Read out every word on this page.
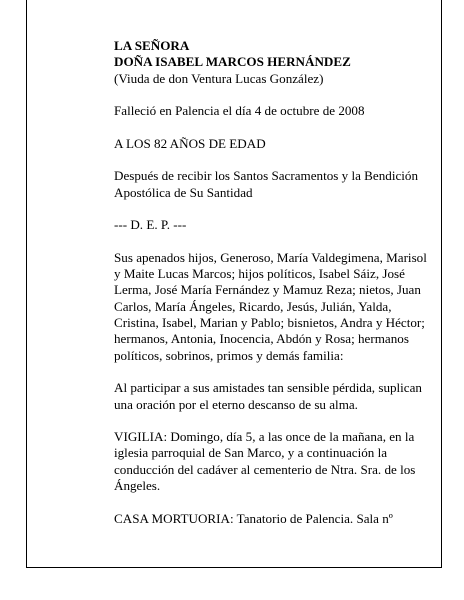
LA SEÑORA
DOÑA ISABEL MARCOS HERNÁNDEZ

(Viuda de don Ventura Lucas González)

Falleció en Palencia el día 4 de octubre de 2008

A LOS 82 AÑOS DE EDAD

Después de recibir los Santos Sacramentos y la Bendición Apostólica de Su Santidad

--- D. E. P. ---

Sus apenados hijos, Generoso, María Valdegimena, Marisol y Maite Lucas Marcos; hijos políticos, Isabel Sáiz, José Lerma, José María Fernández y Mamuz Reza; nietos, Juan Carlos, María Ángeles, Ricardo, Jesús, Julián, Yalda, Cristina, Isabel, Marian y Pablo; bisnietos, Andra y Héctor; hermanos, Antonia, Inocencia, Abdón y Rosa; hermanos políticos, sobrinos, primos y demás familia:

Al participar a sus amistades tan sensible pérdida, suplican una oración por el eterno descanso de su alma.

VIGILIA: Domingo, día 5, a las once de la mañana, en la iglesia parroquial de San Marco, y a continuación la conducción del cadáver al cementerio de Ntra. Sra. de los Ángeles.

CASA MORTUORIA: Tanatorio de Palencia. Sala nº
